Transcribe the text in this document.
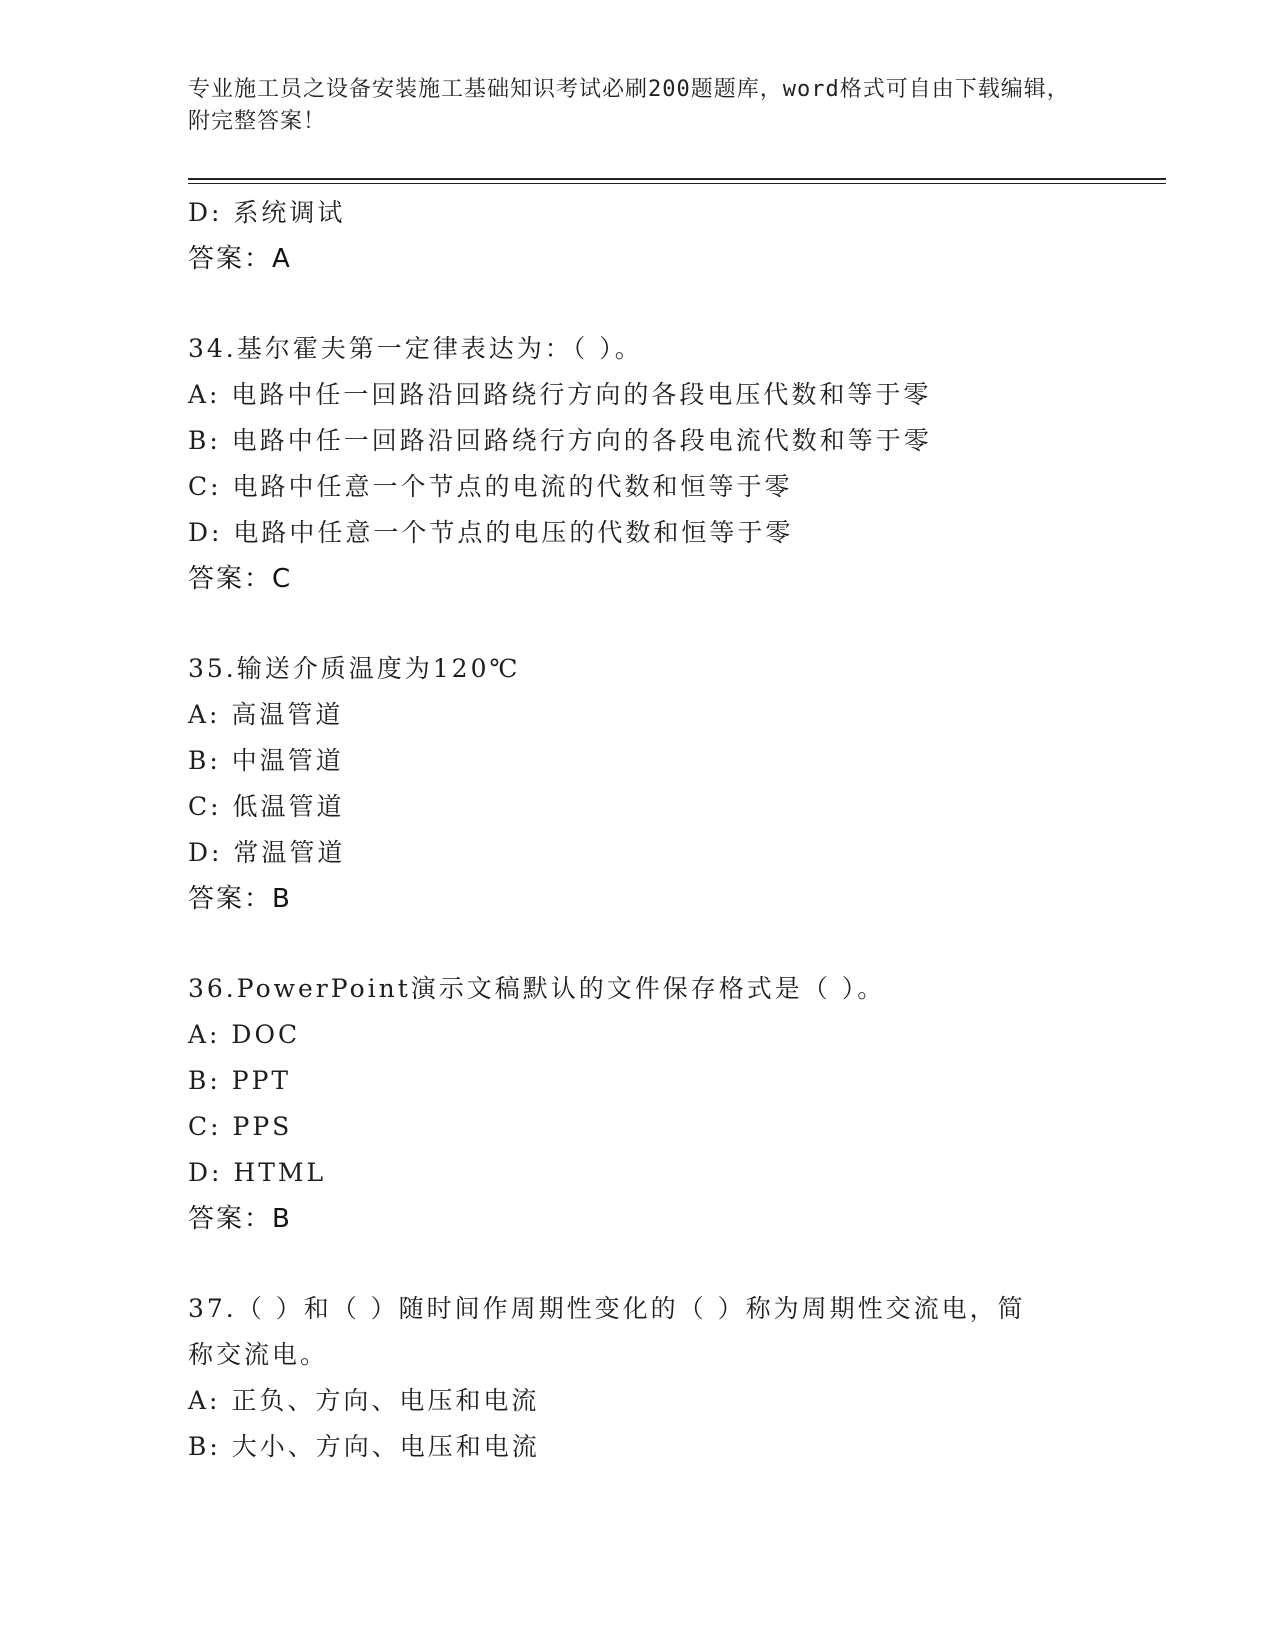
专业施工员之设备安装施工基础知识考试必刷200题题库，word格式可自由下载编辑，附完整答案！
D: 系统调试
答案：A
34.基尔霍夫第一定律表达为：（ ）。
A: 电路中任一回路沿回路绕行方向的各段电压代数和等于零
B: 电路中任一回路沿回路绕行方向的各段电流代数和等于零
C: 电路中任意一个节点的电流的代数和恒等于零
D: 电路中任意一个节点的电压的代数和恒等于零
答案：C
35.输送介质温度为120℃
A: 高温管道
B: 中温管道
C: 低温管道
D: 常温管道
答案：B
36.PowerPoint演示文稿默认的文件保存格式是（ ）。
A: DOC
B: PPT
C: PPS
D: HTML
答案：B
37.（ ）和（ ）随时间作周期性变化的（ ）称为周期性交流电，简称交流电。
A: 正负、方向、电压和电流
B: 大小、方向、电压和电流
